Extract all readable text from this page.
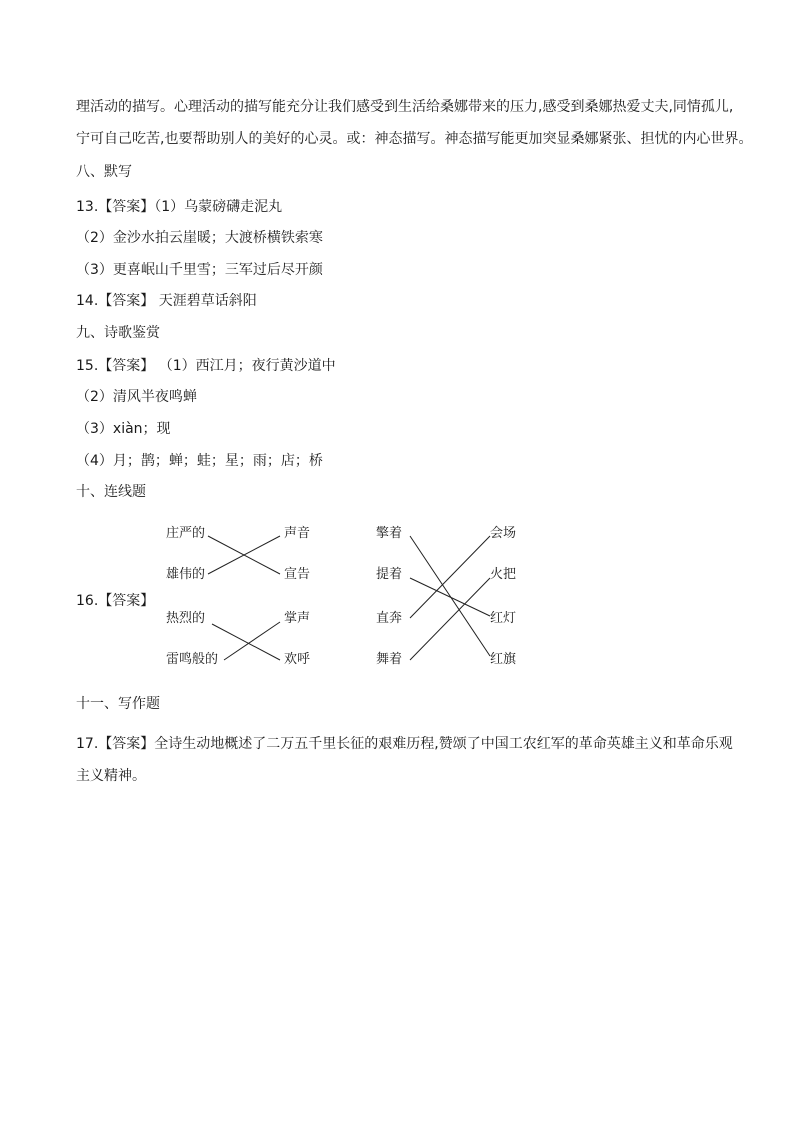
理活动的描写。心理活动的描写能充分让我们感受到生活给桑娜带来的压力,感受到桑娜热爱丈夫,同情孤儿,
宁可自己吃苦,也要帮助别人的美好的心灵。或：神态描写。神态描写能更加突显桑娜紧张、担忧的内心世界。
八、默写
13.【答案】（1）乌蒙磅礴走泥丸
（2）金沙水拍云崖暖；大渡桥横铁索寒
（3）更喜岷山千里雪；三军过后尽开颜
14.【答案】 天涯碧草话斜阳
九、诗歌鉴赏
15.【答案】 （1）西江月；夜行黄沙道中
（2）清风半夜鸣蝉
（3）xiàn；现
（4）月；鹊；蝉；蛙；星；雨；店；桥
十、连线题
16.【答案】
庄严的
雄伟的
热烈的
雷鸣般的
声音
宣告
掌声
欢呼
擎着
提着
直奔
舞着
会场
火把
红灯
红旗
十一、写作题
17.【答案】全诗生动地概述了二万五千里长征的艰难历程,赞颂了中国工农红军的革命英雄主义和革命乐观
主义精神。
